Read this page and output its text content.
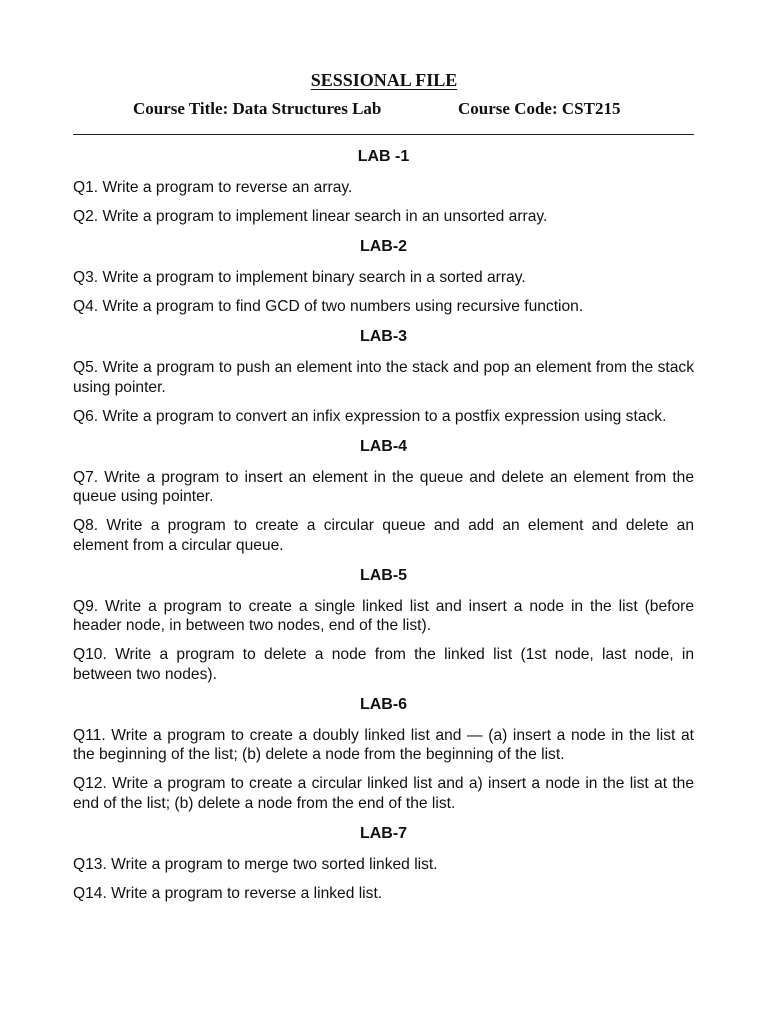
SESSIONAL FILE
Course Title: Data Structures Lab	Course Code: CST215
LAB -1

Q1. Write a program to reverse an array.

Q2. Write a program to implement linear search in an unsorted array.

LAB-2

Q3. Write a program to implement binary search in a sorted array.

Q4. Write a program to find GCD of two numbers using recursive function.

LAB-3

Q5. Write a program to push an element into the stack and pop an element from the stack using pointer.

Q6. Write a program to convert an infix expression to a postfix expression using stack.

LAB-4

Q7. Write a program to insert an element in the queue and delete an element from the queue using pointer.

Q8. Write a program to create a circular queue and add an element and delete an element from a circular queue.

LAB-5

Q9. Write a program to create a single linked list and insert a node in the list (before header node, in between two nodes, end of the list).

Q10. Write a program to delete a node from the linked list (1st node, last node, in between two nodes).

LAB-6

Q11. Write a program to create a doubly linked list and — (a) insert a node in the list at the beginning of the list; (b) delete a node from the beginning of the list.

Q12. Write a program to create a circular linked list and a) insert a node in the list at the end of the list; (b) delete a node from the end of the list.

LAB-7

Q13. Write a program to merge two sorted linked list.

Q14. Write a program to reverse a linked list.
